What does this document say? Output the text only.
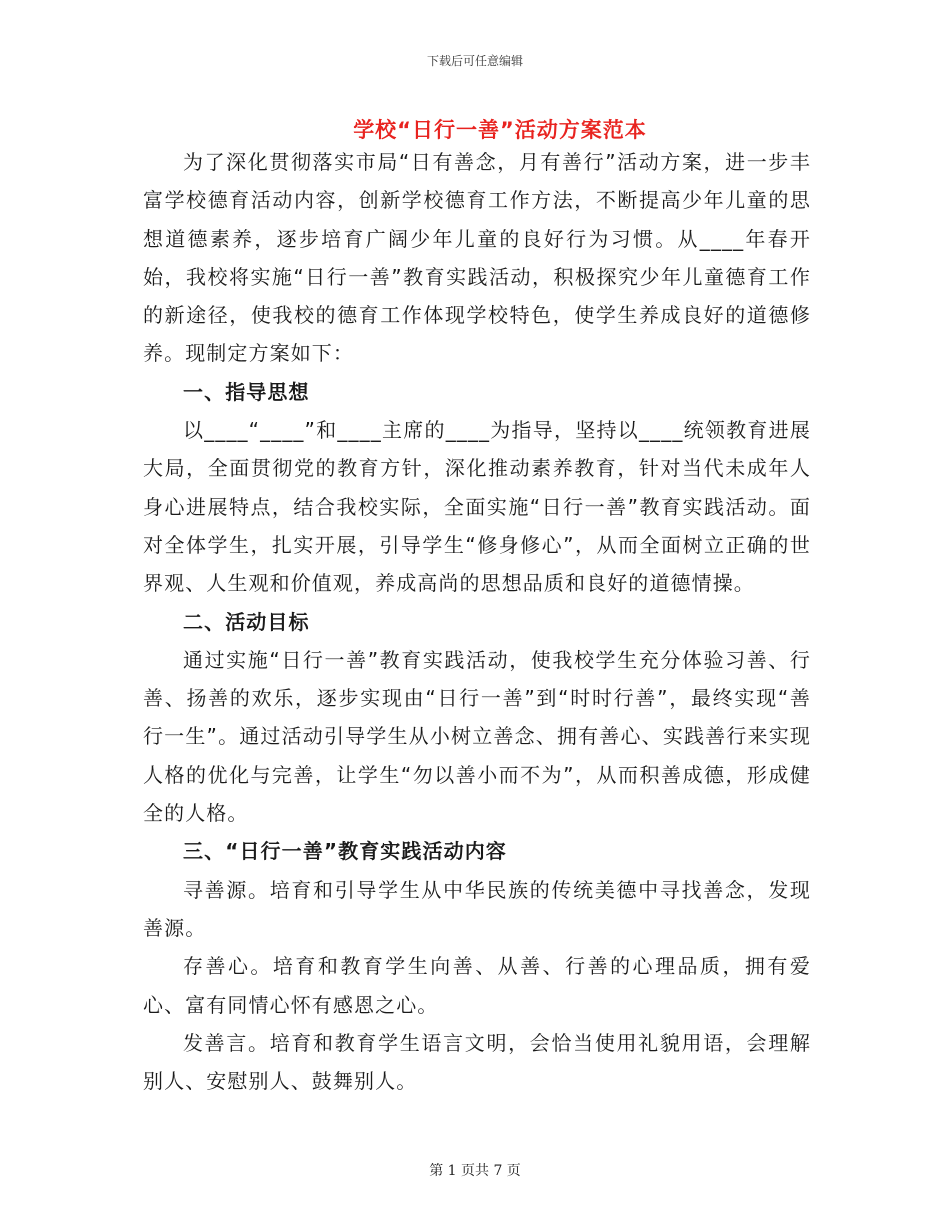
下载后可任意编辑
学校“日行一善”活动方案范本

为了深化贯彻落实市局“日有善念，月有善行”活动方案，进一步丰富学校德育活动内容，创新学校德育工作方法，不断提高少年儿童的思想道德素养，逐步培育广阔少年儿童的良好行为习惯。从____年春开始，我校将实施“日行一善”教育实践活动，积极探究少年儿童德育工作的新途径，使我校的德育工作体现学校特色，使学生养成良好的道德修养。现制定方案如下：

一、指导思想

以____“____”和____主席的____为指导，坚持以____统领教育进展大局，全面贯彻党的教育方针，深化推动素养教育，针对当代未成年人身心进展特点，结合我校实际，全面实施“日行一善”教育实践活动。面对全体学生，扎实开展，引导学生“修身修心”，从而全面树立正确的世界观、人生观和价值观，养成高尚的思想品质和良好的道德情操。

二、活动目标

通过实施“日行一善”教育实践活动，使我校学生充分体验习善、行善、扬善的欢乐，逐步实现由“日行一善”到“时时行善”，最终实现“善行一生”。通过活动引导学生从小树立善念、拥有善心、实践善行来实现人格的优化与完善，让学生“勿以善小而不为”，从而积善成德，形成健全的人格。

三、“日行一善”教育实践活动内容

寻善源。培育和引导学生从中华民族的传统美德中寻找善念，发现善源。

存善心。培育和教育学生向善、从善、行善的心理品质，拥有爱心、富有同情心怀有感恩之心。

发善言。培育和教育学生语言文明，会恰当使用礼貌用语，会理解别人、安慰别人、鼓舞别人。

第 1 页共 7 页
